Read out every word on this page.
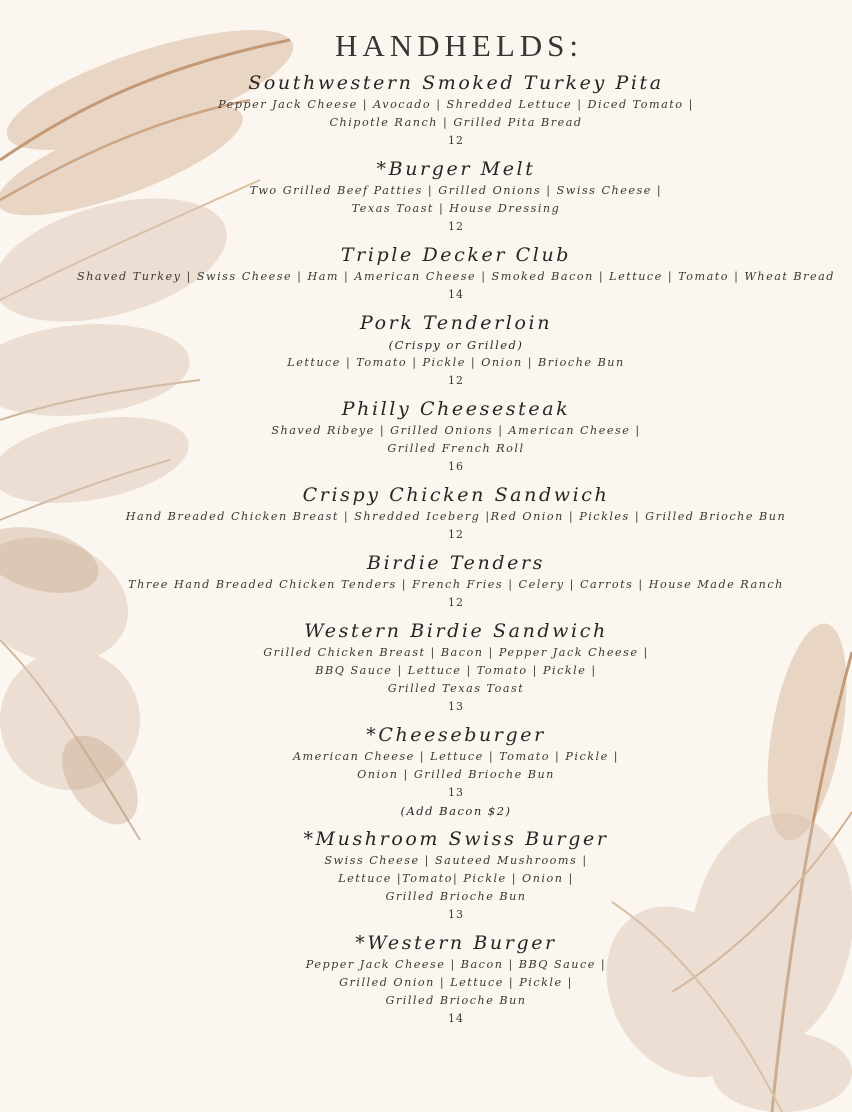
HANDHELDS:
Southwestern Smoked Turkey Pita
Pepper Jack Cheese | Avocado | Shredded Lettuce | Diced Tomato |
Chipotle Ranch | Grilled Pita Bread
12
*Burger Melt
Two Grilled Beef Patties | Grilled Onions | Swiss Cheese |
Texas Toast | House Dressing
12
Triple Decker Club
Shaved Turkey | Swiss Cheese | Ham | American Cheese | Smoked Bacon | Lettuce | Tomato | Wheat Bread
14
Pork Tenderloin
(Crispy or Grilled)
Lettuce | Tomato | Pickle | Onion | Brioche Bun
12
Philly Cheesesteak
Shaved Ribeye | Grilled Onions | American Cheese |
Grilled French Roll
16
Crispy Chicken Sandwich
Hand Breaded Chicken Breast | Shredded Iceberg |Red Onion | Pickles | Grilled Brioche Bun
12
Birdie Tenders
Three Hand Breaded Chicken Tenders | French Fries | Celery | Carrots | House Made Ranch
12
Western Birdie Sandwich
Grilled Chicken Breast | Bacon | Pepper Jack Cheese |
BBQ Sauce | Lettuce | Tomato | Pickle |
Grilled Texas Toast
13
*Cheeseburger
American Cheese | Lettuce | Tomato | Pickle |
Onion | Grilled Brioche Bun
13
(Add Bacon $2)
*Mushroom Swiss Burger
Swiss Cheese | Sauteed Mushrooms |
Lettuce |Tomato| Pickle | Onion |
Grilled Brioche Bun
13
*Western Burger
Pepper Jack Cheese | Bacon | BBQ Sauce |
Grilled Onion | Lettuce | Pickle |
Grilled Brioche Bun
14
